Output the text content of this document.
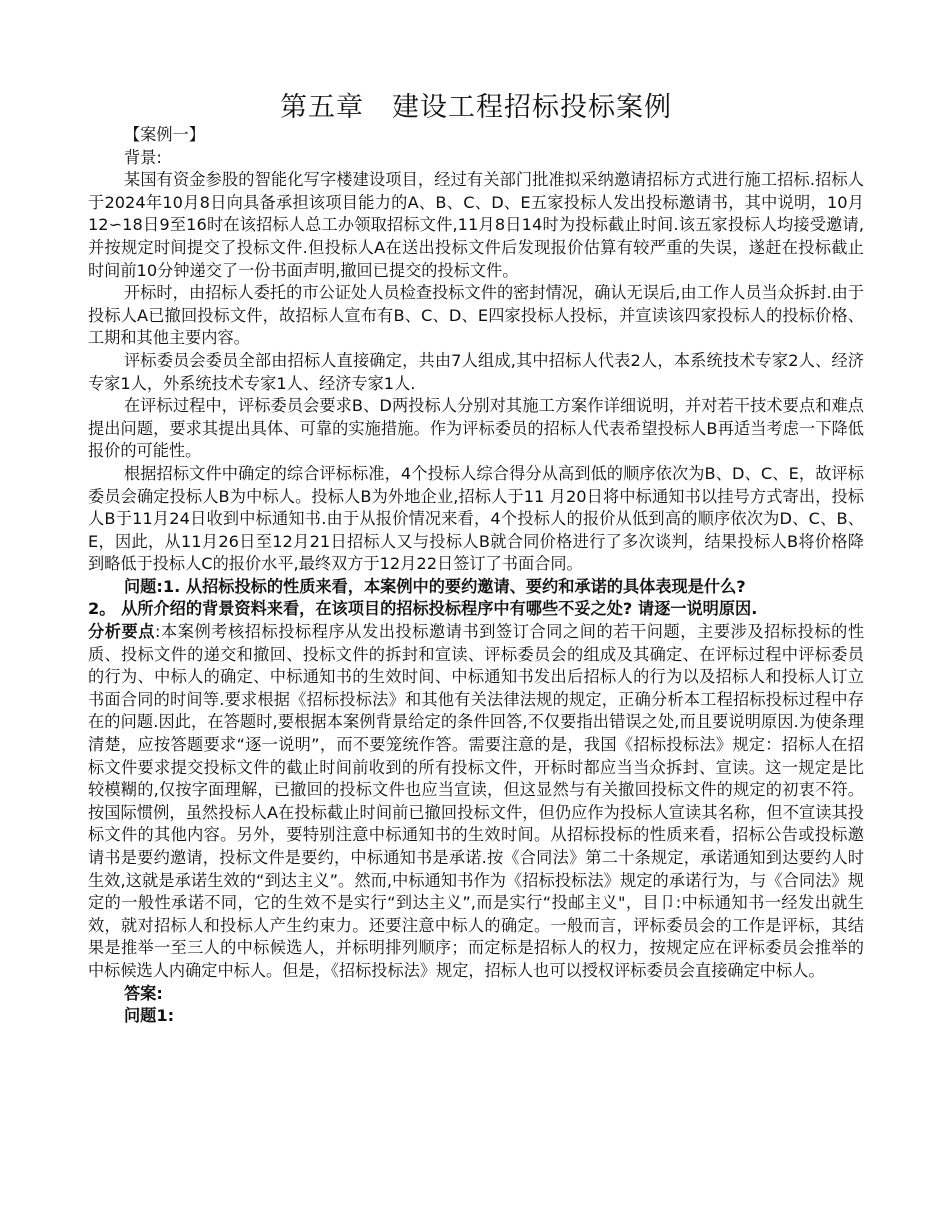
第五章　建设工程招标投标案例

【案例一】

背景:

某国有资金参股的智能化写字楼建设项目，经过有关部门批准拟采纳邀请招标方式进行施工招标.招标人于2024年10月8日向具备承担该项目能力的A、B、C、D、E五家投标人发出投标邀请书，其中说明，10月12∽18日9至16时在该招标人总工办领取招标文件,11月8日14时为投标截止时间.该五家投标人均接受邀请,并按规定时间提交了投标文件.但投标人A在送出投标文件后发现报价估算有较严重的失误，遂赶在投标截止时间前10分钟递交了一份书面声明,撤回已提交的投标文件。

开标时，由招标人委托的市公证处人员检查投标文件的密封情况，确认无误后,由工作人员当众拆封.由于投标人A已撤回投标文件，故招标人宣布有B、C、D、E四家投标人投标，并宣读该四家投标人的投标价格、工期和其他主要内容。

评标委员会委员全部由招标人直接确定，共由7人组成,其中招标人代表2人，本系统技术专家2人、经济专家1人，外系统技术专家1人、经济专家1人.

在评标过程中，评标委员会要求B、D两投标人分别对其施工方案作详细说明，并对若干技术要点和难点提出问题，要求其提出具体、可靠的实施措施。作为评标委员的招标人代表希望投标人B再适当考虑一下降低报价的可能性。

根据招标文件中确定的综合评标标准，4个投标人综合得分从高到低的顺序依次为B、D、C、E，故评标委员会确定投标人B为中标人。投标人B为外地企业,招标人于11 月20日将中标通知书以挂号方式寄出，投标人B于11月24日收到中标通知书.由于从报价情况来看，4个投标人的报价从低到高的顺序依次为D、C、B、E，因此，从11月26日至12月21日招标人又与投标人B就合同价格进行了多次谈判，结果投标人B将价格降到略低于投标人C的报价水平,最终双方于12月22日签订了书面合同。

问题:1. 从招标投标的性质来看，本案例中的要约邀请、要约和承诺的具体表现是什么?

2。 从所介绍的背景资料来看，在该项目的招标投标程序中有哪些不妥之处? 请逐一说明原因.

分析要点:本案例考核招标投标程序从发出投标邀请书到签订合同之间的若干问题，主要涉及招标投标的性质、投标文件的递交和撤回、投标文件的拆封和宣读、评标委员会的组成及其确定、在评标过程中评标委员的行为、中标人的确定、中标通知书的生效时间、中标通知书发出后招标人的行为以及招标人和投标人订立书面合同的时间等.要求根据《招标投标法》和其他有关法律法规的规定，正确分析本工程招标投标过程中存在的问题.因此，在答题时,要根据本案例背景给定的条件回答,不仅要指出错误之处,而且要说明原因.为使条理清楚，应按答题要求“逐一说明”，而不要笼统作答。需要注意的是，我国《招标投标法》规定：招标人在招标文件要求提交投标文件的截止时间前收到的所有投标文件，开标时都应当当众拆封、宣读。这一规定是比较模糊的,仅按字面理解，已撤回的投标文件也应当宣读，但这显然与有关撤回投标文件的规定的初衷不符。按国际惯例，虽然投标人A在投标截止时间前已撤回投标文件，但仍应作为投标人宣读其名称，但不宣读其投标文件的其他内容。另外，要特别注意中标通知书的生效时间。从招标投标的性质来看，招标公告或投标邀请书是要约邀请，投标文件是要约，中标通知书是承诺.按《合同法》第二十条规定，承诺通知到达要约人时生效,这就是承诺生效的“到达主义”。然而,中标通知书作为《招标投标法》规定的承诺行为，与《合同法》规定的一般性承诺不同，它的生效不是实行“到达主义”,而是实行“投邮主义"，目卩:中标通知书一经发出就生效，就对招标人和投标人产生约束力。还要注意中标人的确定。一般而言，评标委员会的工作是评标，其结果是推举一至三人的中标候选人，并标明排列顺序；而定标是招标人的权力，按规定应在评标委员会推举的中标候选人内确定中标人。但是，《招标投标法》规定，招标人也可以授权评标委员会直接确定中标人。

答案:

问题1:
